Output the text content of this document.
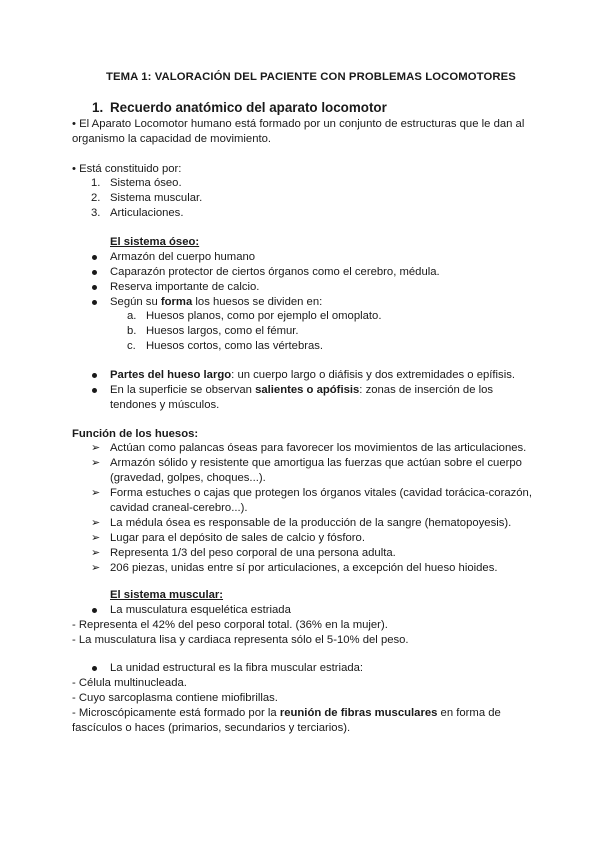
TEMA 1: VALORACIÓN DEL PACIENTE CON PROBLEMAS LOCOMOTORES
1. Recuerdo anatómico del aparato locomotor
• El Aparato Locomotor humano está formado por un conjunto de estructuras que le dan al
organismo la capacidad de movimiento.
• Está constituido por:
1. Sistema óseo.
2. Sistema muscular.
3. Articulaciones.
El sistema óseo:
Armazón del cuerpo humano
Caparazón protector de ciertos órganos como el cerebro, médula.
Reserva importante de calcio.
Según su forma los huesos se dividen en:
a. Huesos planos, como por ejemplo el omoplato.
b. Huesos largos, como el fémur.
c. Huesos cortos, como las vértebras.
Partes del hueso largo: un cuerpo largo o diáfisis y dos extremidades o epífisis.
En la superficie se observan salientes o apófisis: zonas de inserción de los
tendones y músculos.
Función de los huesos:
➢ Actúan como palancas óseas para favorecer los movimientos de las articulaciones.
➢ Armazón sólido y resistente que amortigua las fuerzas que actúan sobre el cuerpo
(gravedad, golpes, choques...).
➢ Forma estuches o cajas que protegen los órganos vitales (cavidad torácica-corazón,
cavidad craneal-cerebro...).
➢ La médula ósea es responsable de la producción de la sangre (hematopoyesis).
➢ Lugar para el depósito de sales de calcio y fósforo.
➢ Representa 1/3 del peso corporal de una persona adulta.
➢ 206 piezas, unidas entre sí por articulaciones, a excepción del hueso hioides.
El sistema muscular:
La musculatura esquelética estriada
- Representa el 42% del peso corporal total. (36% en la mujer).
- La musculatura lisa y cardiaca representa sólo el 5-10% del peso.
La unidad estructural es la fibra muscular estriada:
- Célula multinucleada.
- Cuyo sarcoplasma contiene miofibrillas.
- Microscópicamente está formado por la reunión de fibras musculares en forma de
fascículos o haces (primarios, secundarios y terciarios).
